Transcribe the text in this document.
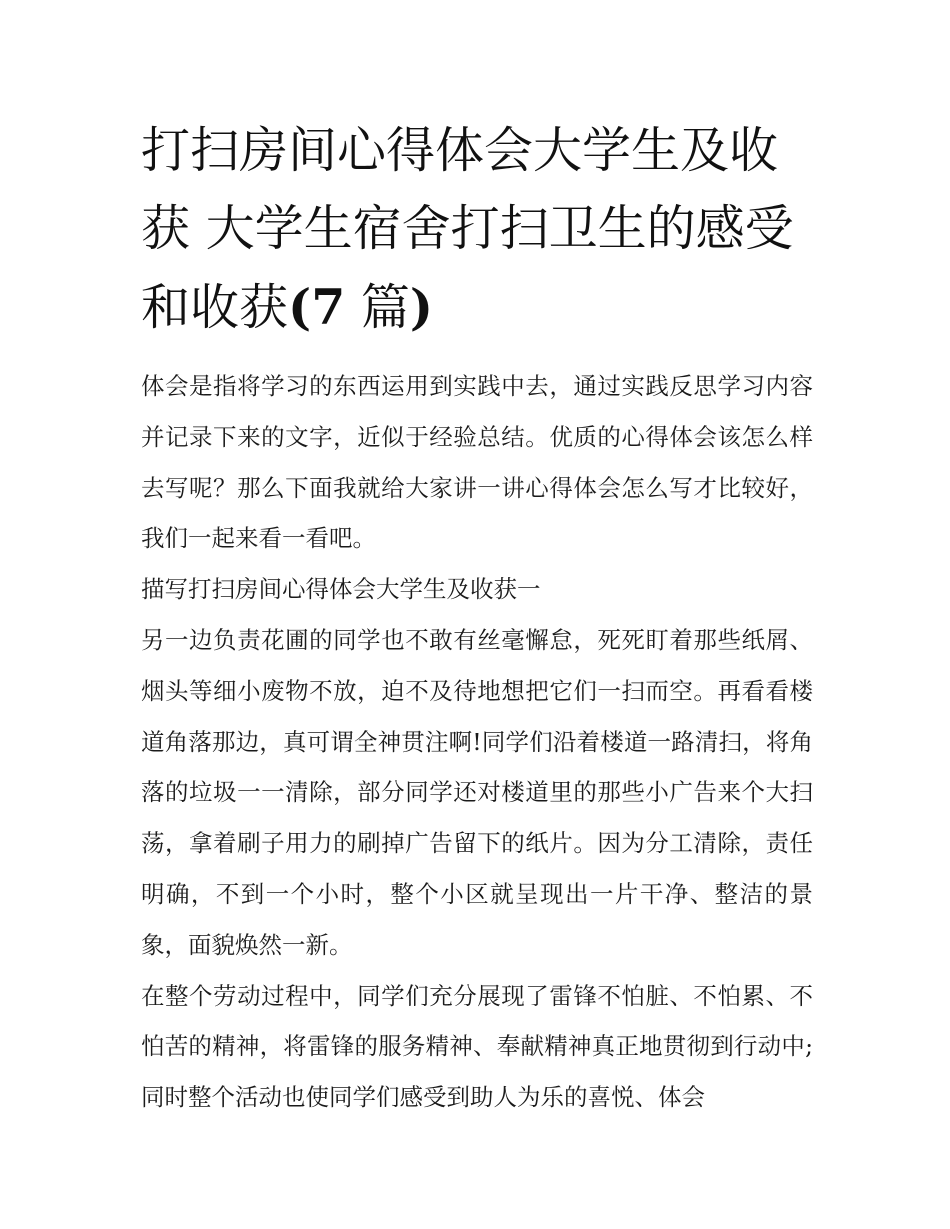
打扫房间心得体会大学生及收获 大学生宿舍打扫卫生的感受和收获(7 篇)

体会是指将学习的东西运用到实践中去，通过实践反思学习内容并记录下来的文字，近似于经验总结。优质的心得体会该怎么样去写呢？那么下面我就给大家讲一讲心得体会怎么写才比较好，我们一起来看一看吧。

描写打扫房间心得体会大学生及收获一

另一边负责花圃的同学也不敢有丝毫懈怠，死死盯着那些纸屑、烟头等细小废物不放，迫不及待地想把它们一扫而空。再看看楼道角落那边，真可谓全神贯注啊!同学们沿着楼道一路清扫，将角落的垃圾一一清除，部分同学还对楼道里的那些小广告来个大扫荡，拿着刷子用力的刷掉广告留下的纸片。因为分工清除，责任明确，不到一个小时，整个小区就呈现出一片干净、整洁的景象，面貌焕然一新。

在整个劳动过程中，同学们充分展现了雷锋不怕脏、不怕累、不怕苦的精神，将雷锋的服务精神、奉献精神真正地贯彻到行动中;同时整个活动也使同学们感受到助人为乐的喜悦、体会
